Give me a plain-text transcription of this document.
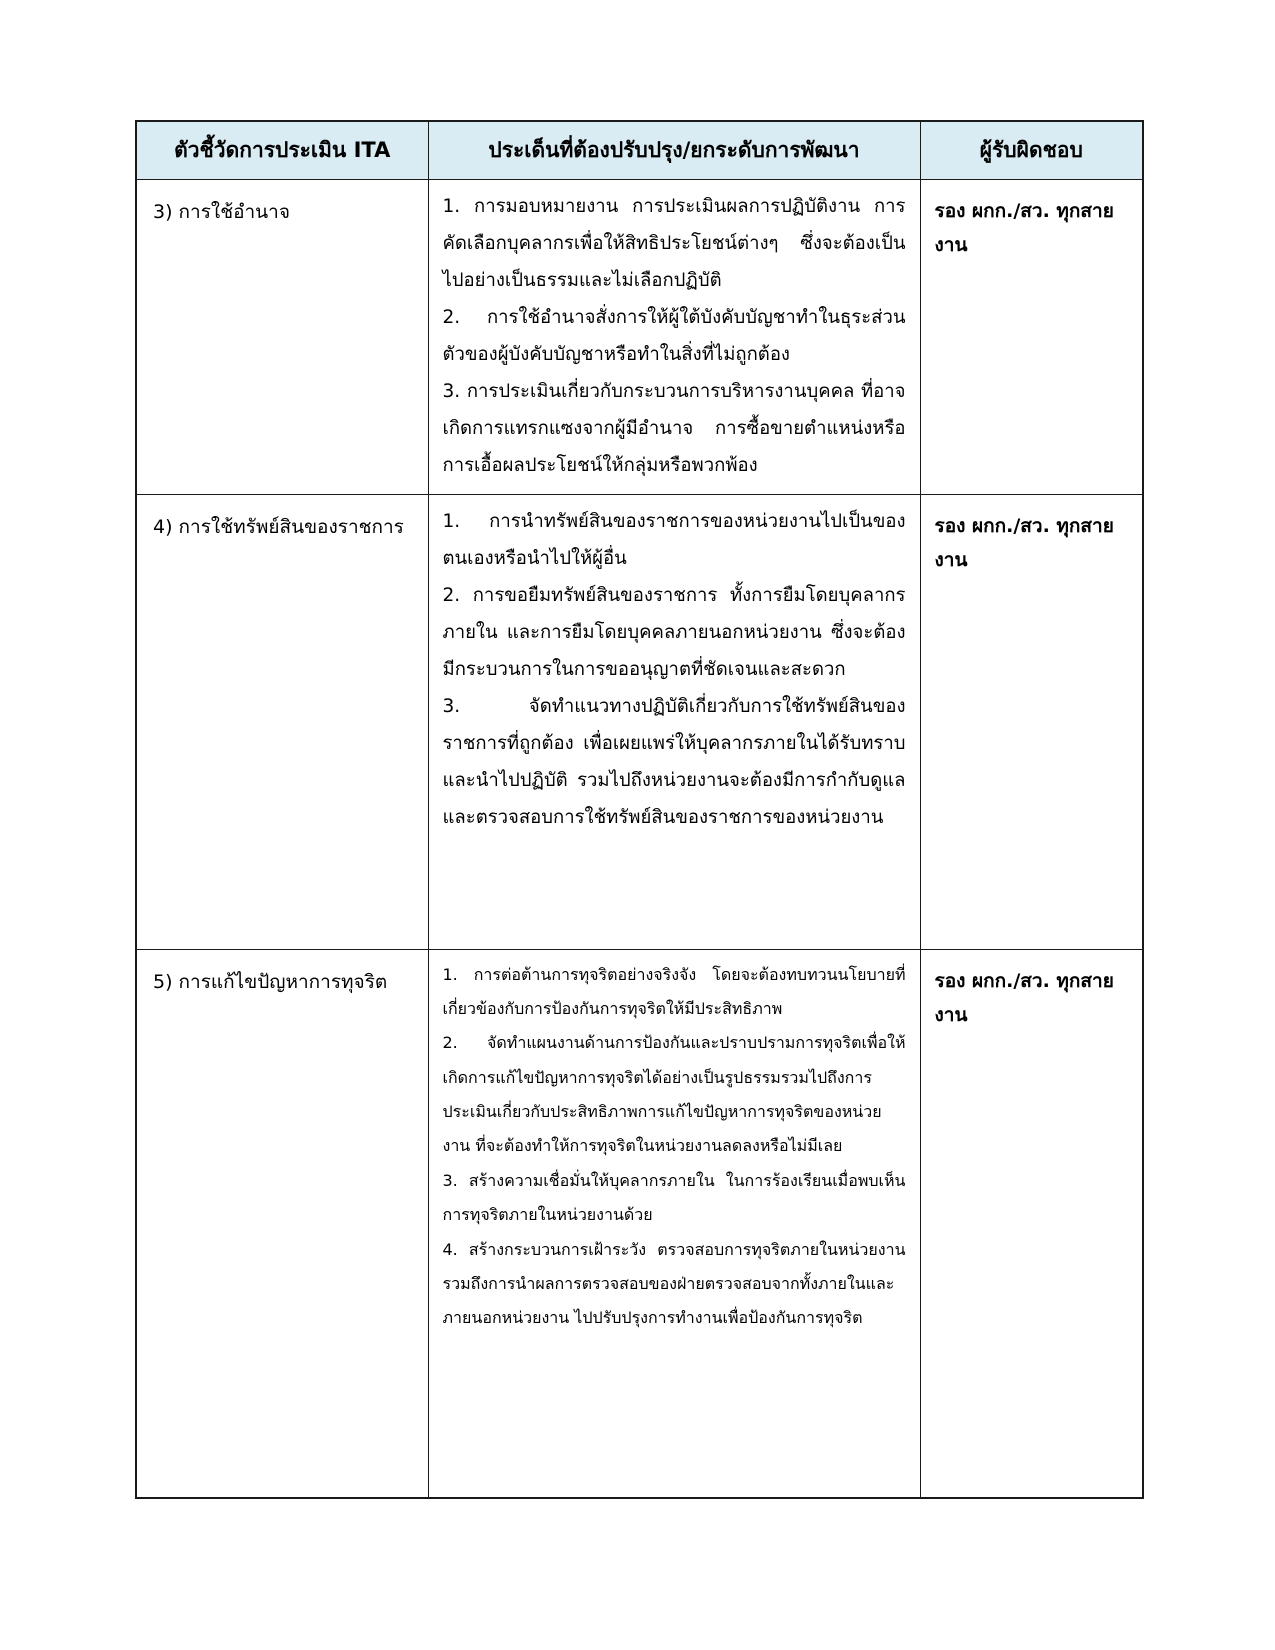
ตัวชี้วัดการประเมิน ITA	ประเด็นที่ต้องปรับปรุง/ยกระดับการพัฒนา	ผู้รับผิดชอบ
3) การใช้อำนาจ	1. การมอบหมายงาน การประเมินผลการปฏิบัติงาน การคัดเลือกบุคลากรเพื่อให้สิทธิประโยชน์ต่างๆ ซึ่งจะต้องเป็นไปอย่างเป็นธรรมและไม่เลือกปฏิบัติ

2. การใช้อำนาจสั่งการให้ผู้ใต้บังคับบัญชาทำในธุระส่วนตัวของผู้บังคับบัญชาหรือทำในสิ่งที่ไม่ถูกต้อง

3. การประเมินเกี่ยวกับกระบวนการบริหารงานบุคคล ที่อาจเกิดการแทรกแซงจากผู้มีอำนาจ การซื้อขายตำแหน่งหรือการเอื้อผลประโยชน์ให้กลุ่มหรือพวกพ้อง	รอง ผกก./สว. ทุกสายงาน
4) การใช้ทรัพย์สินของราชการ	1. การนำทรัพย์สินของราชการของหน่วยงานไปเป็นของตนเองหรือนำไปให้ผู้อื่น

2. การขอยืมทรัพย์สินของราชการ ทั้งการยืมโดยบุคลากรภายใน และการยืมโดยบุคคลภายนอกหน่วยงาน ซึ่งจะต้องมีกระบวนการในการขออนุญาตที่ชัดเจนและสะดวก

3. จัดทำแนวทางปฏิบัติเกี่ยวกับการใช้ทรัพย์สินของราชการที่ถูกต้อง เพื่อเผยแพร่ให้บุคลากรภายในได้รับทราบและนำไปปฏิบัติ รวมไปถึงหน่วยงานจะต้องมีการกำกับดูแลและตรวจสอบการใช้ทรัพย์สินของราชการของหน่วยงาน	รอง ผกก./สว. ทุกสายงาน
5) การแก้ไขปัญหาการทุจริต	1. การต่อต้านการทุจริตอย่างจริงจัง โดยจะต้องทบทวนนโยบายที่เกี่ยวข้องกับการป้องกันการทุจริตให้มีประสิทธิภาพ

2. จัดทำแผนงานด้านการป้องกันและปราบปรามการทุจริตเพื่อให้เกิดการแก้ไขปัญหาการทุจริตได้อย่างเป็นรูปธรรมรวมไปถึงการประเมินเกี่ยวกับประสิทธิภาพการแก้ไขปัญหาการทุจริตของหน่วยงาน ที่จะต้องทำให้การทุจริตในหน่วยงานลดลงหรือไม่มีเลย

3. สร้างความเชื่อมั่นให้บุคลากรภายใน ในการร้องเรียนเมื่อพบเห็นการทุจริตภายในหน่วยงานด้วย

4. สร้างกระบวนการเฝ้าระวัง ตรวจสอบการทุจริตภายในหน่วยงาน รวมถึงการนำผลการตรวจสอบของฝ่ายตรวจสอบจากทั้งภายในและภายนอกหน่วยงาน ไปปรับปรุงการทำงานเพื่อป้องกันการทุจริต	รอง ผกก./สว. ทุกสายงาน
